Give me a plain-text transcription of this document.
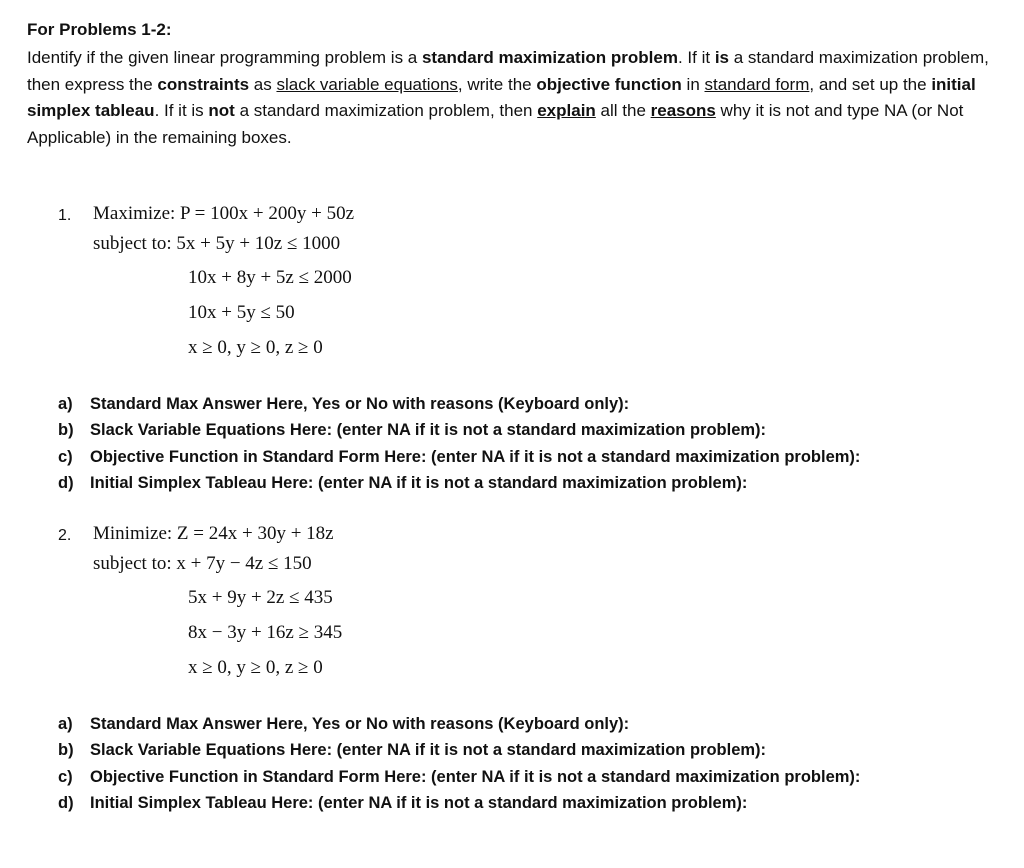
For Problems 1-2:
Identify if the given linear programming problem is a standard maximization problem. If it is a standard maximization problem, then express the constraints as slack variable equations, write the objective function in standard form, and set up the initial simplex tableau. If it is not a standard maximization problem, then explain all the reasons why it is not and type NA (or Not Applicable) in the remaining boxes.
1. Maximize: P = 100x + 200y + 50z
subject to: 5x + 5y + 10z ≤ 1000
10x + 8y + 5z ≤ 2000
10x + 5y ≤ 50
x ≥ 0, y ≥ 0, z ≥ 0
a)	Standard Max Answer Here, Yes or No with reasons (Keyboard only):
b) Slack Variable Equations Here: (enter NA if it is not a standard maximization problem):
c)	Objective Function in Standard Form Here: (enter NA if it is not a standard maximization problem):
d) Initial Simplex Tableau Here: (enter NA if it is not a standard maximization problem):
2. Minimize: Z = 24x + 30y + 18z
subject to: x + 7y − 4z ≤ 150
5x + 9y + 2z ≤ 435
8x − 3y + 16z ≥ 345
x ≥ 0, y ≥ 0, z ≥ 0
a)	Standard Max Answer Here, Yes or No with reasons (Keyboard only):
b) Slack Variable Equations Here: (enter NA if it is not a standard maximization problem):
c)	Objective Function in Standard Form Here: (enter NA if it is not a standard maximization problem):
d) Initial Simplex Tableau Here: (enter NA if it is not a standard maximization problem):
